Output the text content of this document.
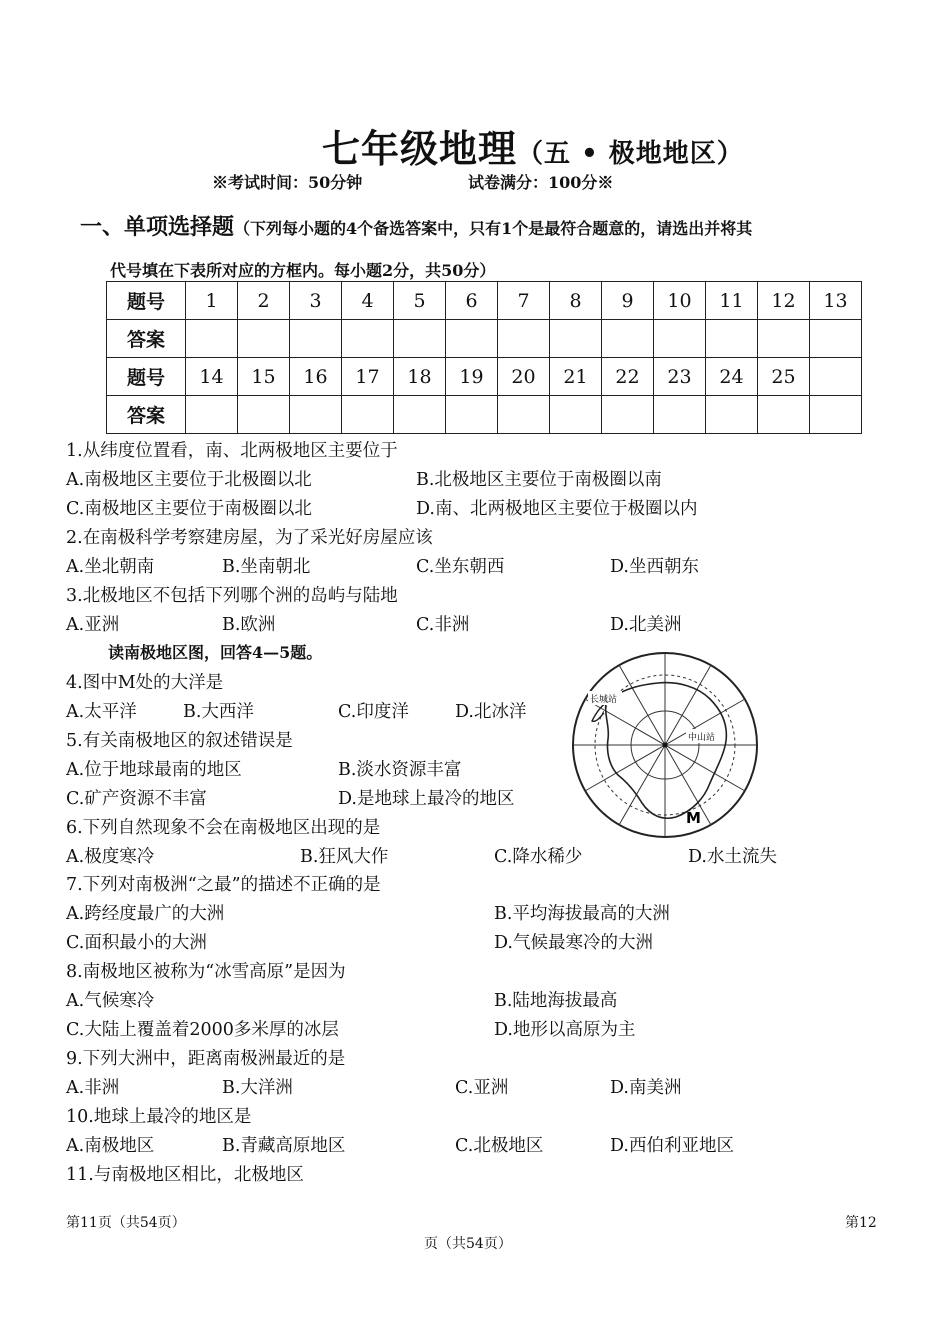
七年级地理（五 • 极地地区）
※考试时间：50分钟	试卷满分：100分※
一、单项选择题（下列每小题的4个备选答案中，只有1个是最符合题意的，请选出并将其
代号填在下表所对应的方框内。每小题2分，共50分）
题号	1	2	3	4	5	6	7	8	9	10	11	12	13
答案													
题号	14	15	16	17	18	19	20	21	22	23	24	25	
答案													
1.从纬度位置看，南、北两极地区主要位于
A.南极地区主要位于北极圈以北	B.北极地区主要位于南极圈以南
C.南极地区主要位于南极圈以北	D.南、北两极地区主要位于极圈以内
2.在南极科学考察建房屋，为了采光好房屋应该
A.坐北朝南	B.坐南朝北	C.坐东朝西	D.坐西朝东
3.北极地区不包括下列哪个洲的岛屿与陆地
A.亚洲	B.欧洲	C.非洲	D.北美洲
读南极地区图，回答4—5题。
4.图中M处的大洋是
A.太平洋	B.大西洋	C.印度洋	D.北冰洋
5.有关南极地区的叙述错误是
A.位于地球最南的地区	B.淡水资源丰富
C.矿产资源不丰富	D.是地球上最冷的地区
6.下列自然现象不会在南极地区出现的是
A.极度寒冷	B.狂风大作	C.降水稀少	D.水土流失
7.下列对南极洲“之最”的描述不正确的是
A.跨经度最广的大洲	B.平均海拔最高的大洲
C.面积最小的大洲	D.气候最寒冷的大洲
8.南极地区被称为“冰雪高原”是因为
A.气候寒冷	B.陆地海拔最高
C.大陆上覆盖着2000多米厚的冰层	D.地形以高原为主
9.下列大洲中，距离南极洲最近的是
A.非洲	B.大洋洲	C.亚洲	D.南美洲
10.地球上最冷的地区是
A.南极地区	B.青藏高原地区	C.北极地区	D.西伯利亚地区
11.与南极地区相比，北极地区
中山站
长城站
M
第11页（共54页）	第12
页（共54页）
